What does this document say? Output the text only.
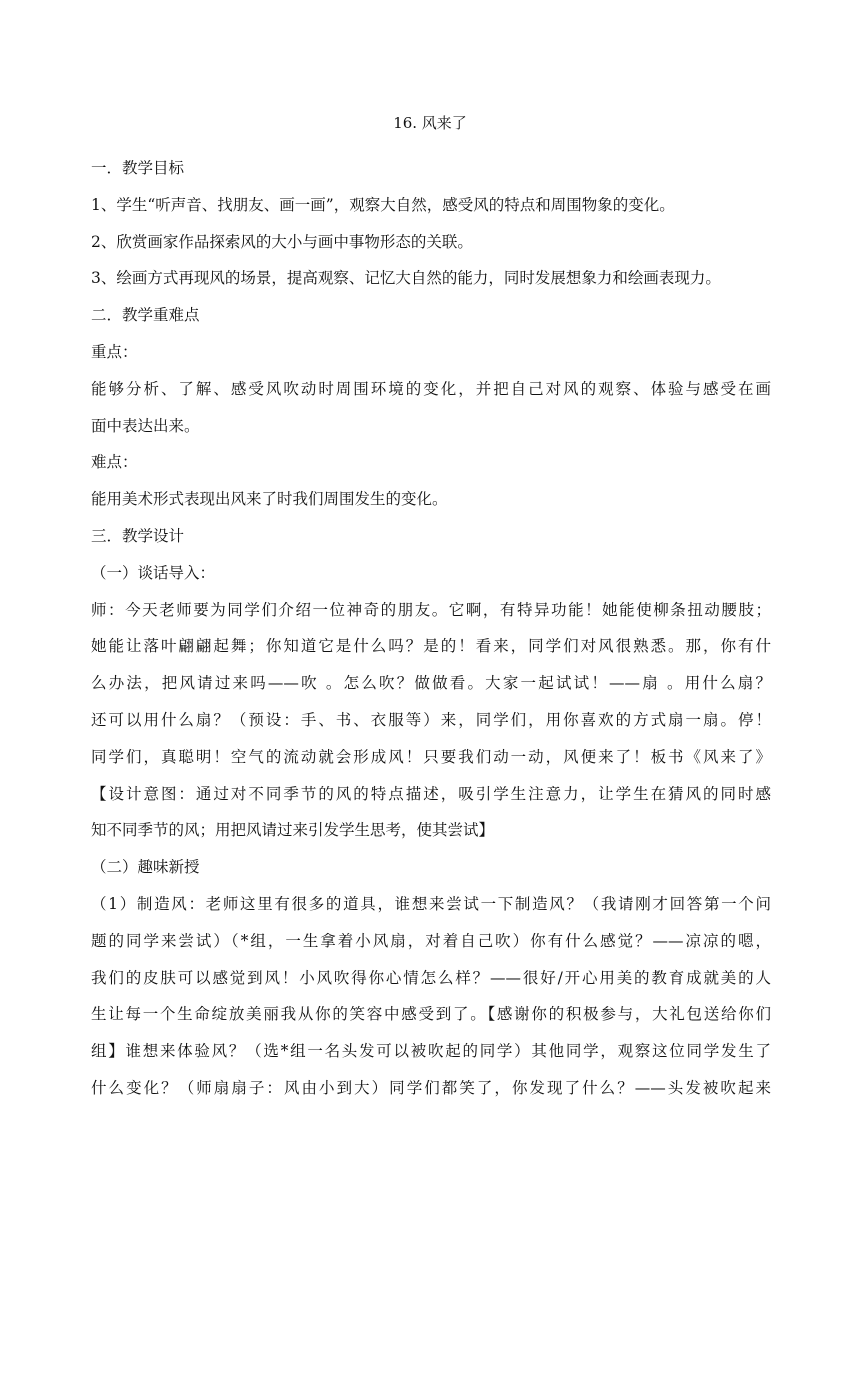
16. 风来了
一．教学目标
1、学生“听声音、找朋友、画一画”，观察大自然，感受风的特点和周围物象的变化。
2、欣赏画家作品探索风的大小与画中事物形态的关联。
3、绘画方式再现风的场景，提高观察、记忆大自然的能力，同时发展想象力和绘画表现力。
二．教学重难点
重点：
能够分析、了解、感受风吹动时周围环境的变化，并把自己对风的观察、体验与感受在画
面中表达出来。
难点：
能用美术形式表现出风来了时我们周围发生的变化。
三．教学设计
（一）谈话导入：
师：今天老师要为同学们介绍一位神奇的朋友。它啊，有特异功能！她能使柳条扭动腰肢；
她能让落叶翩翩起舞；你知道它是什么吗？是的！看来，同学们对风很熟悉。那，你有什
么办法，把风请过来吗——吹 。怎么吹？做做看。大家一起试试！——扇 。用什么扇？
还可以用什么扇？（预设：手、书、衣服等）来，同学们，用你喜欢的方式扇一扇。停！
同学们，真聪明！空气的流动就会形成风！只要我们动一动，风便来了！板书《风来了》
【设计意图：通过对不同季节的风的特点描述，吸引学生注意力，让学生在猜风的同时感
知不同季节的风；用把风请过来引发学生思考，使其尝试】
（二）趣味新授
（1）制造风：老师这里有很多的道具，谁想来尝试一下制造风？（我请刚才回答第一个问
题的同学来尝试）（*组，一生拿着小风扇，对着自己吹）你有什么感觉？——凉凉的嗯，
我们的皮肤可以感觉到风！小风吹得你心情怎么样？——很好/开心用美的教育成就美的人
生让每一个生命绽放美丽我从你的笑容中感受到了。【感谢你的积极参与，大礼包送给你们
组】谁想来体验风？（选*组一名头发可以被吹起的同学）其他同学，观察这位同学发生了
什么变化？（师扇扇子：风由小到大）同学们都笑了，你发现了什么？——头发被吹起来
